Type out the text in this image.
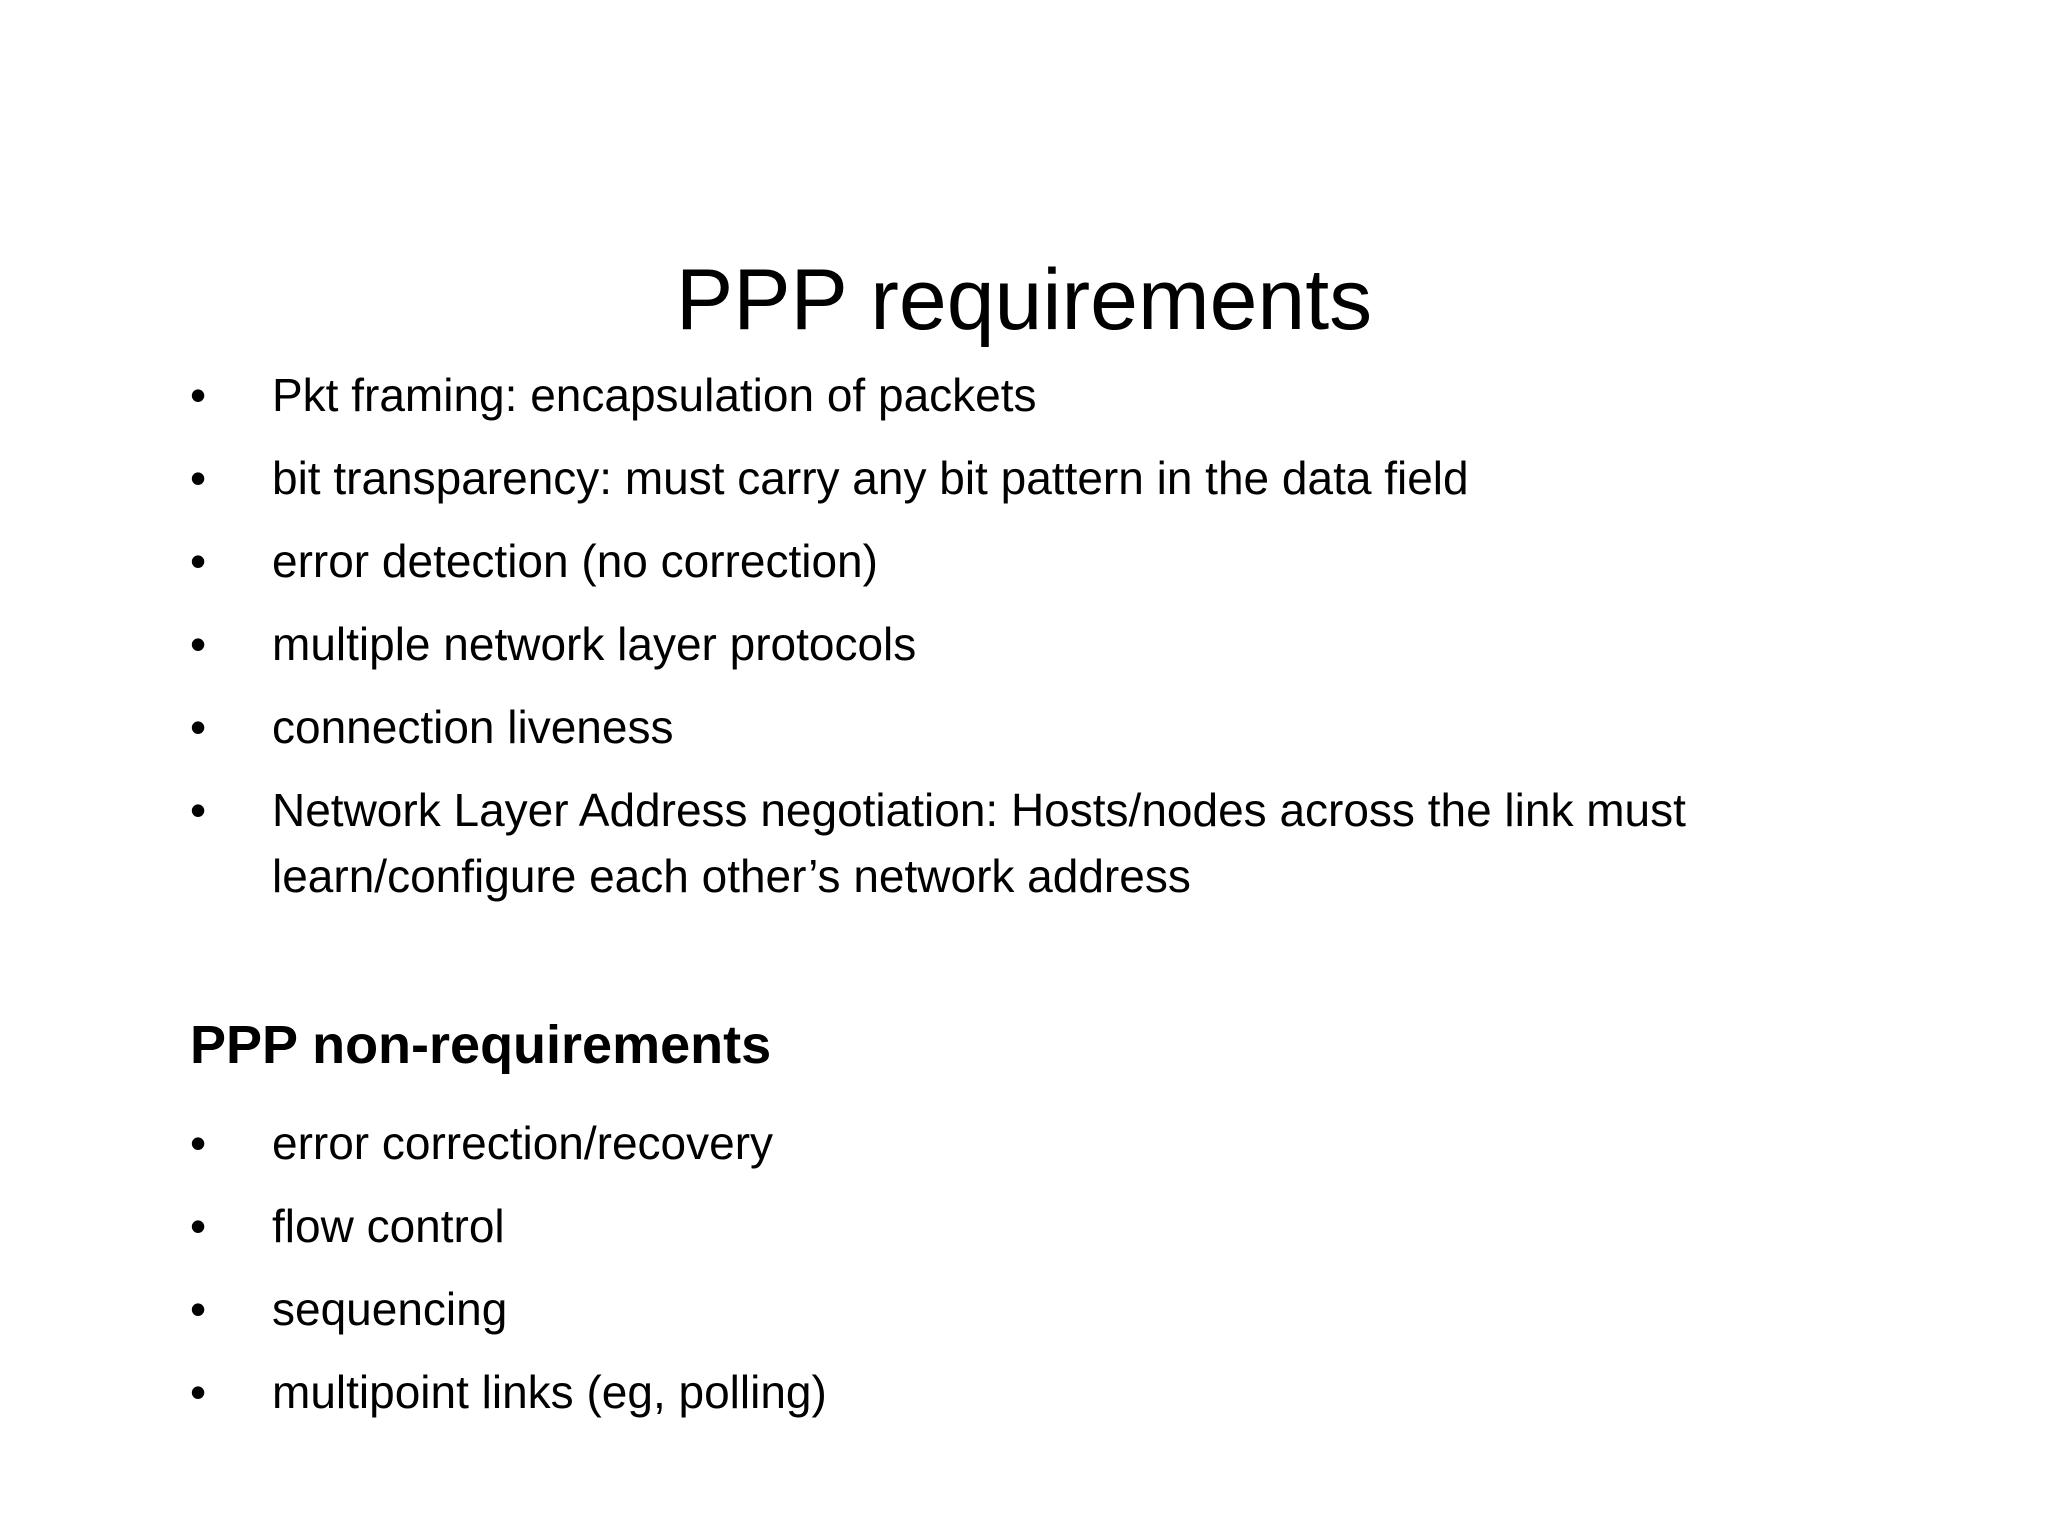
PPP requirements
•	Pkt framing: encapsulation of packets
•	bit transparency: must carry any bit pattern in the data field
•	error detection (no correction)
•	multiple network layer protocols
•	connection liveness
•	Network Layer Address negotiation: Hosts/nodes across the link must learn/configure each other’s network address
PPP non-requirements
•	error correction/recovery
•	flow control
•	sequencing
•	multipoint links (eg, polling)
